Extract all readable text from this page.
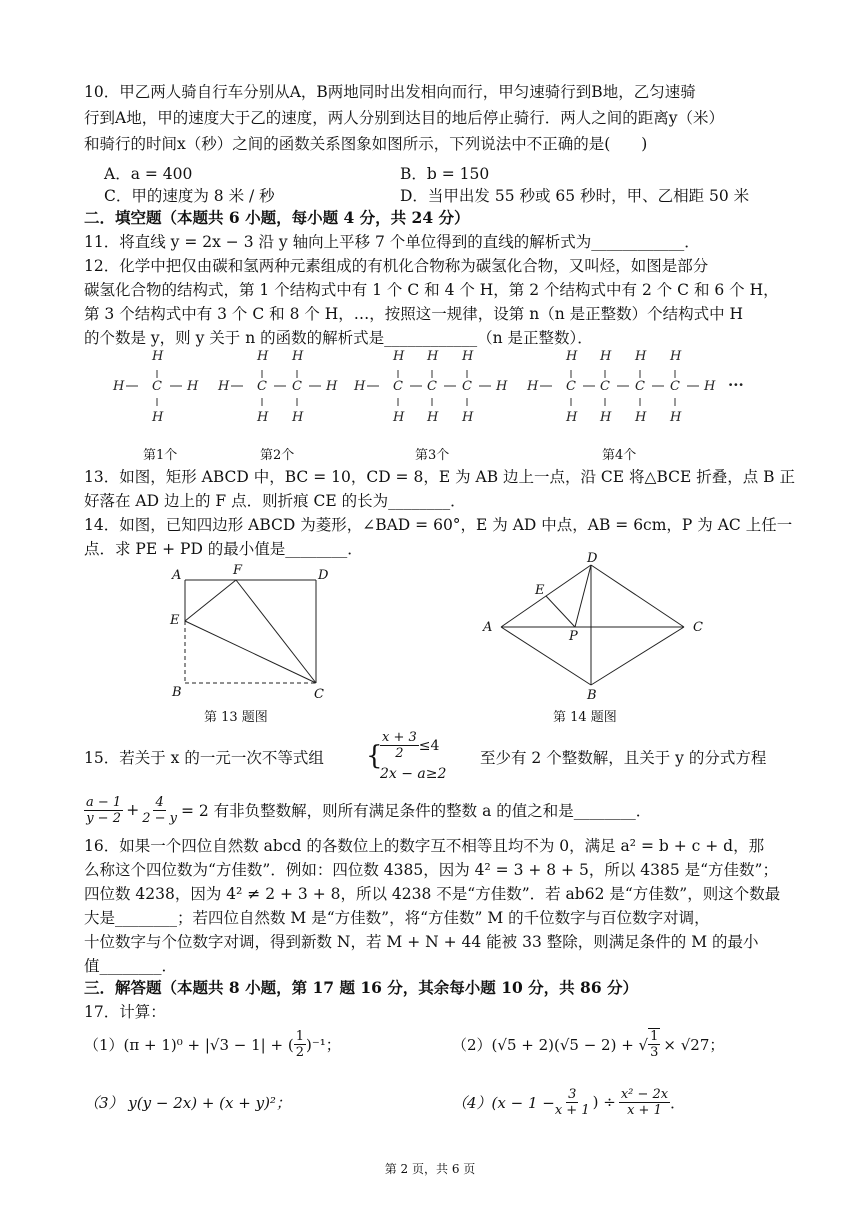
10．甲乙两人骑自行车分别从A，B两地同时出发相向而行，甲匀速骑行到B地，乙匀速骑
行到A地，甲的速度大于乙的速度，两人分别到达目的地后停止骑行．两人之间的距离y（米）
和骑行的时间x（秒）之间的函数关系图象如图所示，下列说法中不正确的是(　　)
A．a = 400	B．b = 150
C．甲的速度为 8 米 / 秒	D．当甲出发 55 秒或 65 秒时，甲、乙相距 50 米
二．填空题（本题共 6 小题，每小题 4 分，共 24 分）
11．将直线 y = 2x − 3 沿 y 轴向上平移 7 个单位得到的直线的解析式为____________．
12．化学中把仅由碳和氢两种元素组成的有机化合物称为碳氢化合物，又叫烃，如图是部分
碳氢化合物的结构式，第 1 个结构式中有 1 个 C 和 4 个 H，第 2 个结构式中有 2 个 C 和 6 个 H，
第 3 个结构式中有 3 个 C 和 8 个 H，…，按照这一规律，设第 n（n 是正整数）个结构式中 H
的个数是 y，则 y 关于 n 的函数的解析式是____________（n 是正整数）．
H
C
H
H	H
H H
H C C H
H H
H H H
H C C C H
H H H
H H H H
H C C C C H
H H H H
···
第1个	第2个	第3个	第4个
13．如图，矩形 ABCD 中，BC = 10，CD = 8，E 为 AB 边上一点，沿 CE 将△BCE 折叠，点 B 正
好落在 AD 边上的 F 点．则折痕 CE 的长为________．
14．如图，已知四边形 ABCD 为菱形，∠BAD = 60°，E 为 AD 中点，AB = 6cm，P 为 AC 上任一
点．求 PE + PD 的最小值是________．
A	F	D
E
B	C
第 13 题图
D
E
A
P
C
B
第 14 题图
15．若关于 x 的一元一次不等式组 {
$\frac{x + 3}{2} \le 4$
2x − a≥2
至少有 2 个整数解，且关于 y 的分式方程
$\frac{a - 1}{y - 2} + \frac{4}{2 - y} = 2$ 有非负整数解，则所有满足条件的整数 a 的值之和是________．
16．如果一个四位自然数 abcd 的各数位上的数字互不相等且均不为 0，满足 a² = b + c + d，那
么称这个四位数为“方佳数”．例如：四位数 4385，因为 4² = 3 + 8 + 5，所以 4385 是“方佳数”；
四位数 4238，因为 4² ≠ 2 + 3 + 8，所以 4238 不是“方佳数”．若 ab62 是“方佳数”，则这个数最
大是________；若四位自然数 M 是“方佳数”，将“方佳数” M 的千位数字与百位数字对调，
十位数字与个位数字对调，得到新数 N，若 M + N + 44 能被 33 整除，则满足条件的 M 的最小
值________．
三．解答题（本题共 8 小题，第 17 题 16 分，其余每小题 10 分，共 86 分）
17．计算：
（1）(π + 1)⁰ + |√3 − 1| + ( $\frac{1}{2} )^{-1}$；	（2）(√5 + 2)(√5 − 2) + √ $\frac{1}{3} \times √27$；
（3） y(y − 2x) + (x + y)²；	$(4)(x - 1 - \frac{3}{x + 1}$ ) ÷ $\frac{\text{x² − 2x}}{x + 1}$ ．
第 2 页，共 6 页
